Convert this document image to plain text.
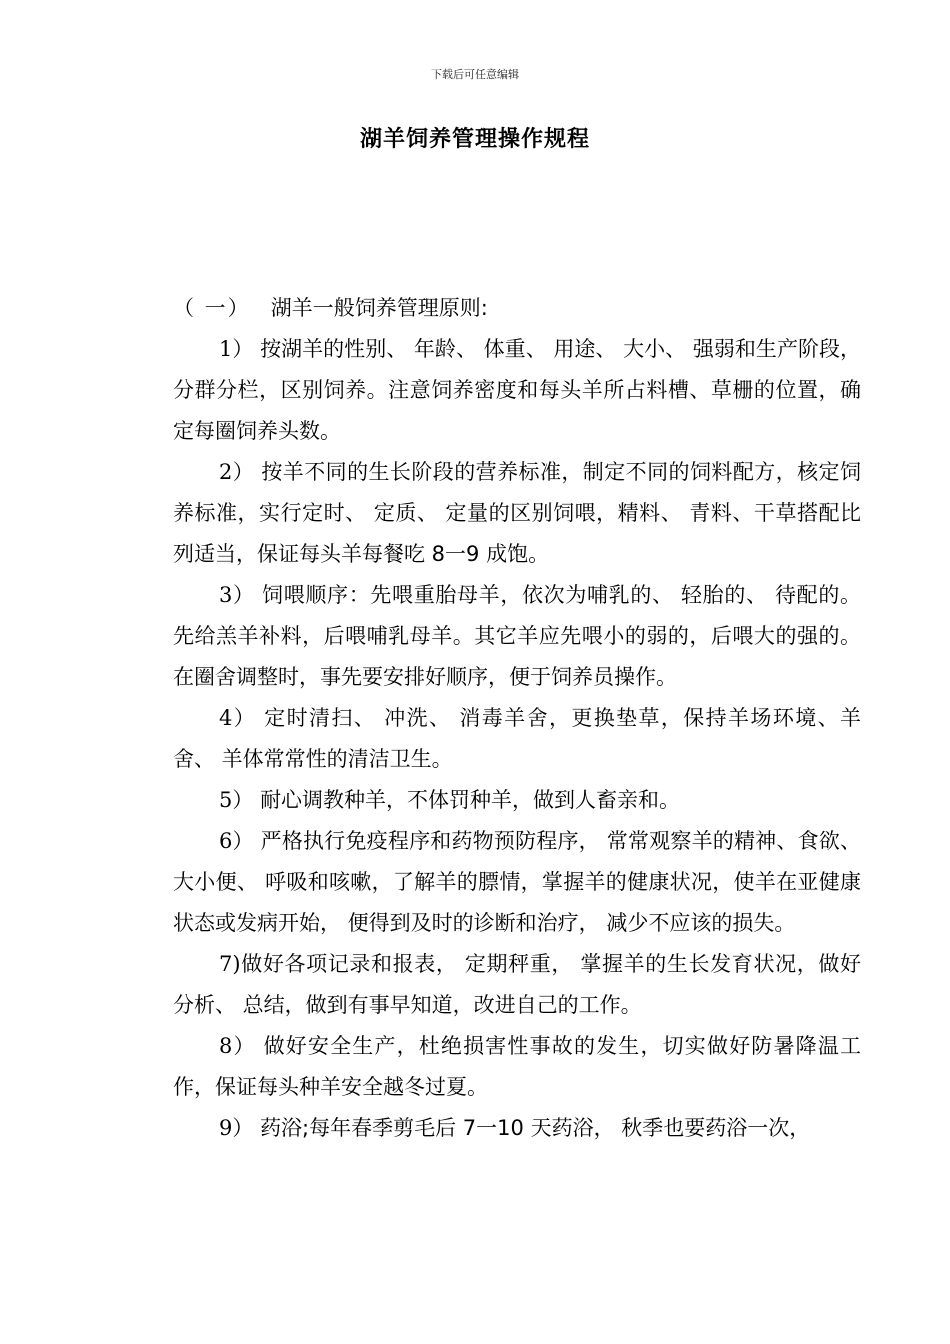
下载后可任意编辑
湖羊饲养管理操作规程

（ 一） 湖羊一般饲养管理原则:

1） 按湖羊的性别、 年龄、 体重、 用途、 大小、 强弱和生产阶段，分群分栏，区别饲养。注意饲养密度和每头羊所占料槽、草栅的位置，确定每圈饲养头数。

2） 按羊不同的生长阶段的营养标准，制定不同的饲料配方，核定饲养标准，实行定时、 定质、 定量的区别饲喂，精料、 青料、干草搭配比列适当，保证每头羊每餐吃 8一9 成饱。

3） 饲喂顺序：先喂重胎母羊，依次为哺乳的、 轻胎的、 待配的。先给羔羊补料，后喂哺乳母羊。其它羊应先喂小的弱的，后喂大的强的。在圈舍调整时，事先要安排好顺序，便于饲养员操作。

4） 定时清扫、 冲洗、 消毒羊舍，更换垫草，保持羊场环境、羊舍、 羊体常常性的清洁卫生。

5） 耐心调教种羊，不体罚种羊，做到人畜亲和。

6） 严格执行免疫程序和药物预防程序， 常常观察羊的精神、食欲、 大小便、 呼吸和咳嗽，了解羊的膘情，掌握羊的健康状况，使羊在亚健康状态或发病开始， 便得到及时的诊断和治疗， 减少不应该的损失。

7)做好各项记录和报表， 定期秤重， 掌握羊的生长发育状况，做好分析、 总结，做到有事早知道，改进自己的工作。

8） 做好安全生产，杜绝损害性事故的发生，切实做好防暑降温工作，保证每头种羊安全越冬过夏。

9） 药浴;每年春季剪毛后 7一10 天药浴， 秋季也要药浴一次，
